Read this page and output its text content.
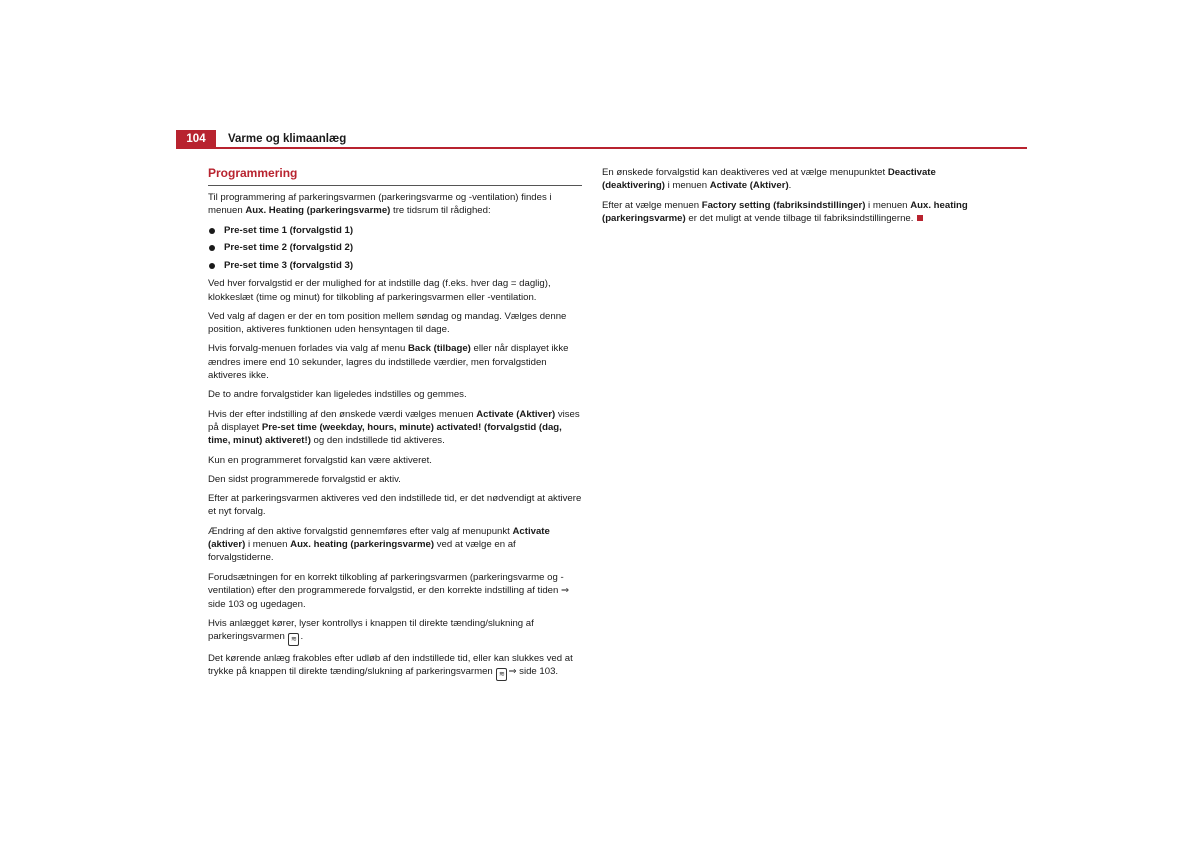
104	Varme og klimaanlæg
Programmering

Til programmering af parkeringsvarmen (parkeringsvarme og -ventilation) findes i menuen Aux. Heating (parkeringsvarme) tre tidsrum til rådighed:

Pre-set time 1 (forvalgstid 1)
Pre-set time 2 (forvalgstid 2)
Pre-set time 3 (forvalgstid 3)

Ved hver forvalgstid er der mulighed for at indstille dag (f.eks. hver dag = daglig), klokkeslæt (time og minut) for tilkobling af parkeringsvarmen eller -ventilation.

Ved valg af dagen er der en tom position mellem søndag og mandag. Vælges denne position, aktiveres funktionen uden hensyntagen til dage.

Hvis forvalg-menuen forlades via valg af menu Back (tilbage) eller når displayet ikke ændres imere end 10 sekunder, lagres du indstillede værdier, men forvalgstiden aktiveres ikke.

De to andre forvalgstider kan ligeledes indstilles og gemmes.

Hvis der efter indstilling af den ønskede værdi vælges menuen Activate (Aktiver) vises på displayet Pre-set time (weekday, hours, minute) activated! (forvalgstid (dag, time, minut) aktiveret!) og den indstillede tid aktiveres.

Kun en programmeret forvalgstid kan være aktiveret.

Den sidst programmerede forvalgstid er aktiv.

Efter at parkeringsvarmen aktiveres ved den indstillede tid, er det nødvendigt at aktivere et nyt forvalg.

Ændring af den aktive forvalgstid gennemføres efter valg af menupunkt Activate (aktiver) i menuen Aux. heating (parkeringsvarme) ved at vælge en af forvalgstiderne.

Forudsætningen for en korrekt tilkobling af parkeringsvarmen (parkeringsvarme og -ventilation) efter den programmerede forvalgstid, er den korrekte indstilling af tiden ⇒ side 103 og ugedagen.

Hvis anlægget kører, lyser kontrollys i knappen til direkte tænding/slukning af parkeringsvarmen ≋ .

Det kørende anlæg frakobles efter udløb af den indstillede tid, eller kan slukkes ved at trykke på knappen til direkte tænding/slukning af parkeringsvarmen ≋ ⇒ side 103.

En ønskede forvalgstid kan deaktiveres ved at vælge menupunktet Deactivate (deaktivering) i menuen Activate (Aktiver).

Efter at vælge menuen Factory setting (fabriksindstillinger) i menuen Aux. heating (parkeringsvarme) er det muligt at vende tilbage til fabriksindstillingerne.
